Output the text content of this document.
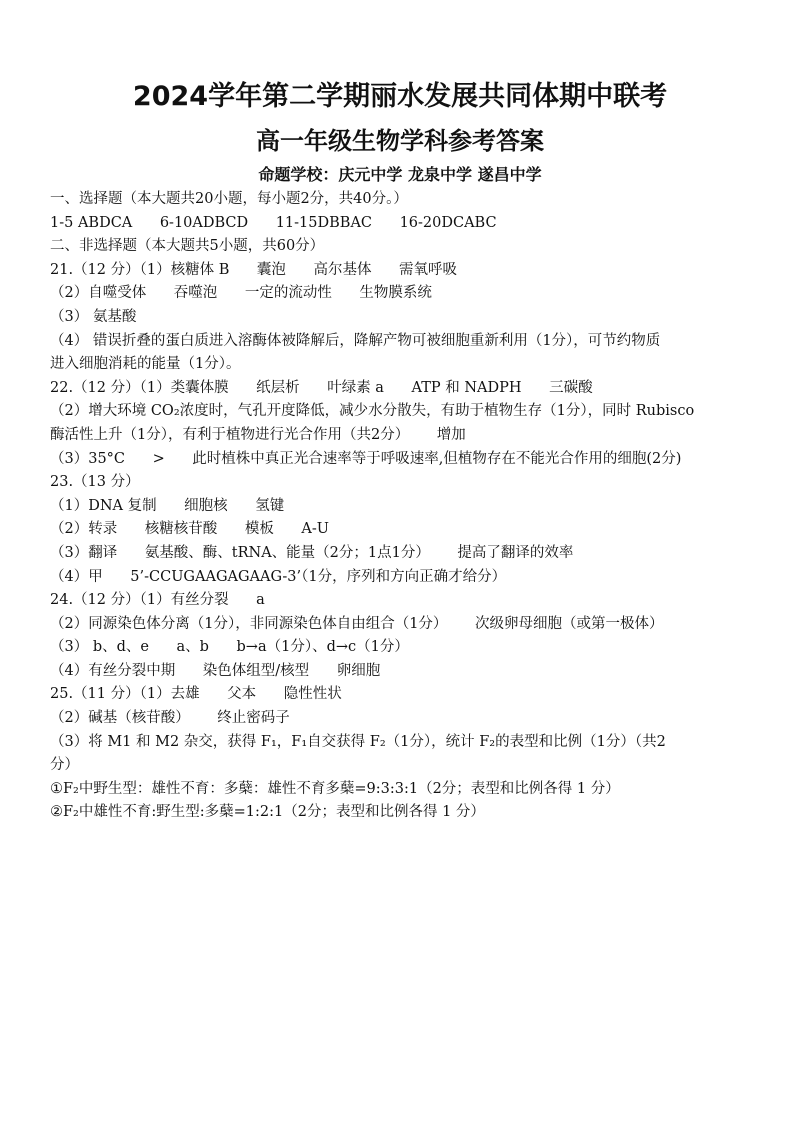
2024学年第二学期丽水发展共同体期中联考
高一年级生物学科参考答案
命题学校：庆元中学 龙泉中学 遂昌中学
一、选择题（本大题共20小题，每小题2分，共40分。）
1-5 ABDCA 6-10ADBCD 11-15DBBAC 16-20DCABC
二、非选择题（本大题共5小题，共60分）
21.（12 分）（1）核糖体 B 囊泡 高尔基体 需氧呼吸
（2）自噬受体 吞噬泡 一定的流动性 生物膜系统
（3） 氨基酸
（4） 错误折叠的蛋白质进入溶酶体被降解后，降解产物可被细胞重新利用（1分），可节约物质
进入细胞消耗的能量（1分）。
22.（12 分）（1）类囊体膜 纸层析 叶绿素 a ATP 和 NADPH 三碳酸
（2）增大环境 CO₂浓度时，气孔开度降低，减少水分散失，有助于植物生存（1分），同时 Rubisco
酶活性上升（1分），有利于植物进行光合作用（共2分） 增加
（3）35°C > 此时植株中真正光合速率等于呼吸速率,但植物存在不能光合作用的细胞(2分)
23.（13 分）
（1）DNA 复制 细胞核 氢键
（2）转录 核糖核苷酸 模板 A-U
（3）翻译 氨基酸、酶、tRNA、能量（2分；1点1分） 提高了翻译的效率
（4）甲 5’-CCUGAAGAGAAG-3’（1分，序列和方向正确才给分）
24.（12 分）（1）有丝分裂 a
（2）同源染色体分离（1分），非同源染色体自由组合（1分） 次级卵母细胞（或第一极体）
（3） b、d、e a、b b→a（1分）、d→c（1分）
（4）有丝分裂中期 染色体组型/核型 卵细胞
25.（11 分）（1）去雄 父本 隐性性状
（2）碱基（核苷酸） 终止密码子
（3）将 M1 和 M2 杂交，获得 F₁，F₁自交获得 F₂（1分），统计 F₂的表型和比例（1分）（共2
分）
①F₂中野生型：雄性不育：多蘖：雄性不育多蘖=9:3:3:1（2分；表型和比例各得 1 分）
②F₂中雄性不育:野生型:多蘖=1:2:1（2分；表型和比例各得 1 分）
